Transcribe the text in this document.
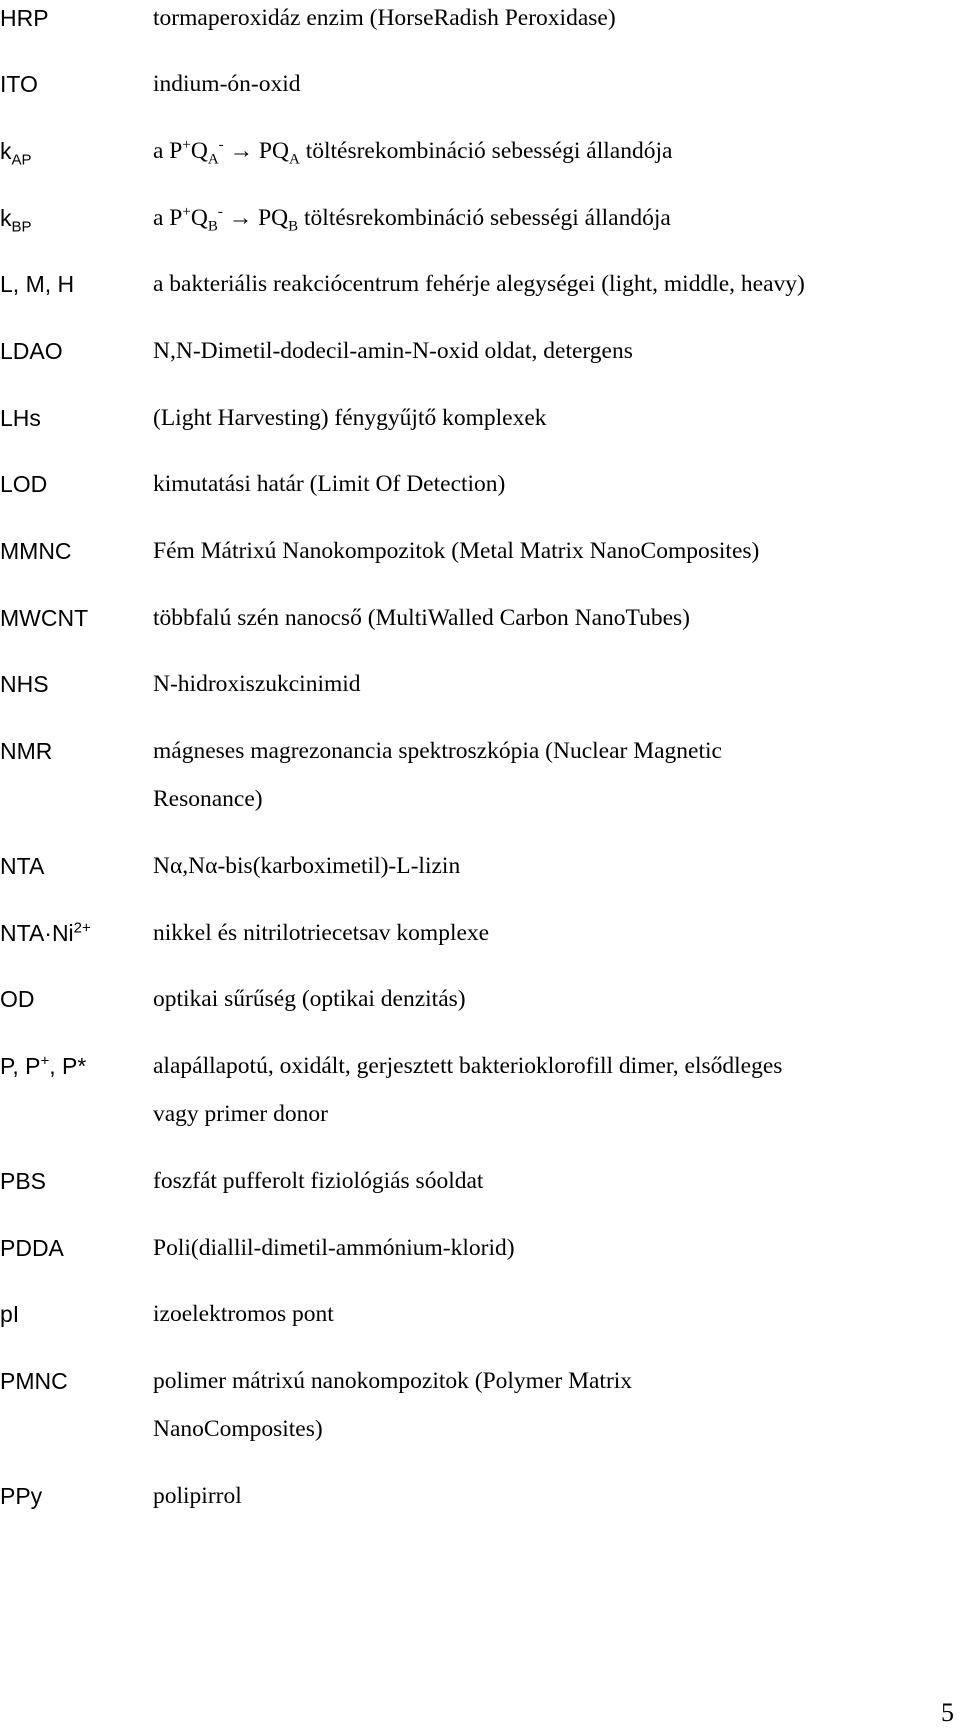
HRP	tormaperoxidáz enzim (HorseRadish Peroxidase)
ITO	indium-ón-oxid
$k_{AP}$	a $P^+Q_A^- \to PQ_A$ töltésrekombináció sebességi állandója
$k_{BP}$	a $P^+Q_B^- \to PQ_B$ töltésrekombináció sebességi állandója
L, M, H	a bakteriális reakciócentrum fehérje alegységei (light, middle, heavy)
LDAO	N,N-Dimetil-dodecil-amin-N-oxid oldat, detergens
LHs	(Light Harvesting) fénygyűjtő komplexek
LOD	kimutatási határ (Limit Of Detection)
MMNC	Fém Mátrixú Nanokompozitok (Metal Matrix NanoComposites)
MWCNT	többfalú szén nanocső (MultiWalled Carbon NanoTubes)
NHS	N-hidroxiszukcinimid
NMR	mágneses magrezonancia spektroszkópia (Nuclear Magnetic
Resonance)
NTA	Nα,Nα-bis(karboximetil)-L-lizin
$NTA\cdot Ni^{2+}$	nikkel és nitrilotriecetsav komplexe
OD	optikai sűrűség (optikai denzitás)
P, P+, P*	alapállapotú, oxidált, gerjesztett bakterioklorofill dimer, elsődleges
vagy primer donor
PBS	foszfát pufferolt fiziológiás sóoldat
PDDA	Poli(diallil-dimetil-ammónium-klorid)
pI	izoelektromos pont
PMNC	polimer mátrixú nanokompozitok (Polymer Matrix
NanoComposites)
PPy	polipirrol
5
